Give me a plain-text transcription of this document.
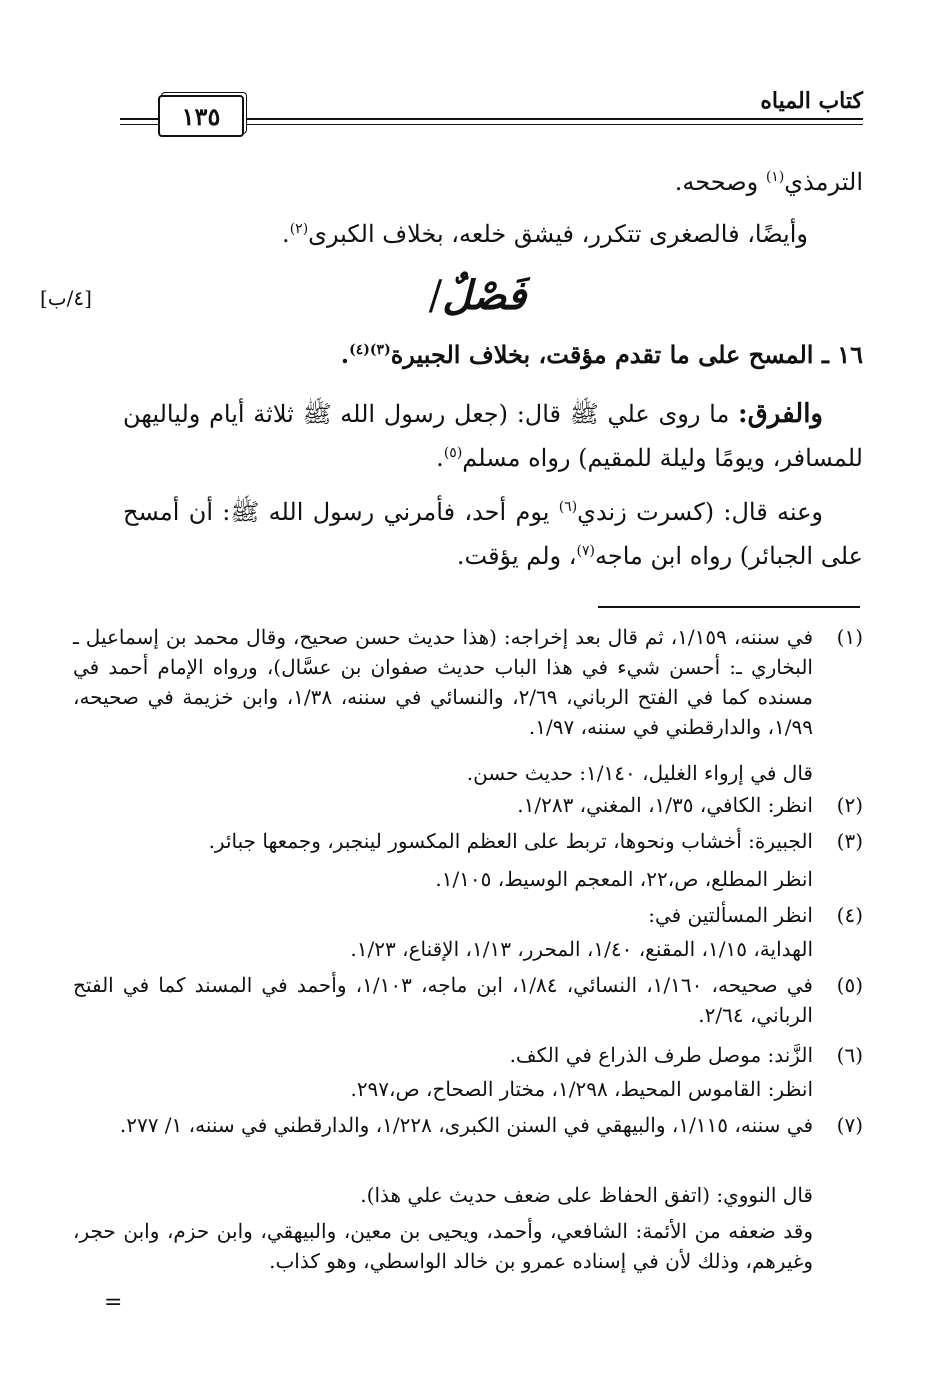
كتاب المياه
١٣٥
الترمذي$^{(١)}$ وصححه.
وأيضًا، فالصغرى تتكرر، فيشق خلعه، بخلاف الكبرى$^{(٢)}$.
[٤/ب]	فَصْلٌ/
١٦ ـ المسح على ما تقدم مؤقت، بخلاف الجبيرة$^{(٣)(٤)}$.
والفرق: ما روى علي ﷺ قال: (جعل رسول الله ﷺ ثلاثة أيام ولياليهن للمسافر، ويومًا وليلة للمقيم) رواه مسلم$^{(٥)}$.
وعنه قال: (كسرت زندي$^{(٦)}$ يوم أحد، فأمرني رسول الله ﷺ: أن أمسح على الجبائر) رواه ابن ماجه$^{(٧)}$، ولم يؤقت.
(١)
في سننه، ١/١٥٩، ثم قال بعد إخراجه: (هذا حديث حسن صحيح، وقال محمد بن إسماعيل ـ البخاري ـ: أحسن شيء في هذا الباب حديث صفوان بن عسَّال)، ورواه الإمام أحمد في مسنده كما في الفتح الرباني، ٢/٦٩، والنسائي في سننه، ١/٣٨، وابن خزيمة في صحيحه، ١/٩٩، والدارقطني في سننه، ١/٩٧.
قال في إرواء الغليل، ١/١٤٠: حديث حسن.
(٢)
انظر: الكافي، ١/٣٥، المغني، ١/٢٨٣.
(٣)
الجبيرة: أخشاب ونحوها، تربط على العظم المكسور لينجبر، وجمعها جبائر.
انظر المطلع، ص،٢٢، المعجم الوسيط، ١/١٠٥.
(٤)
انظر المسألتين في:
الهداية، ١/١٥، المقنع، ١/٤٠، المحرر، ١/١٣، الإقناع، ١/٢٣.
(٥)
في صحيحه، ١/١٦٠، النسائي، ١/٨٤، ابن ماجه، ١/١٠٣، وأحمد في المسند كما في الفتح الرباني، ٢/٦٤.
(٦)
الزَّند: موصل طرف الذراع في الكف.
انظر: القاموس المحيط، ١/٢٩٨، مختار الصحاح، ص،٢٩٧.
(٧)
في سننه، ١/١١٥، والبيهقي في السنن الكبرى، ١/٢٢٨، والدارقطني في سننه، ١/ ٢٧٧.
قال النووي: (اتفق الحفاظ على ضعف حديث علي هذا).
وقد ضعفه من الأئمة: الشافعي، وأحمد، ويحيى بن معين، والبيهقي، وابن حزم، وابن حجر، وغيرهم، وذلك لأن في إسناده عمرو بن خالد الواسطي، وهو كذاب.
=
